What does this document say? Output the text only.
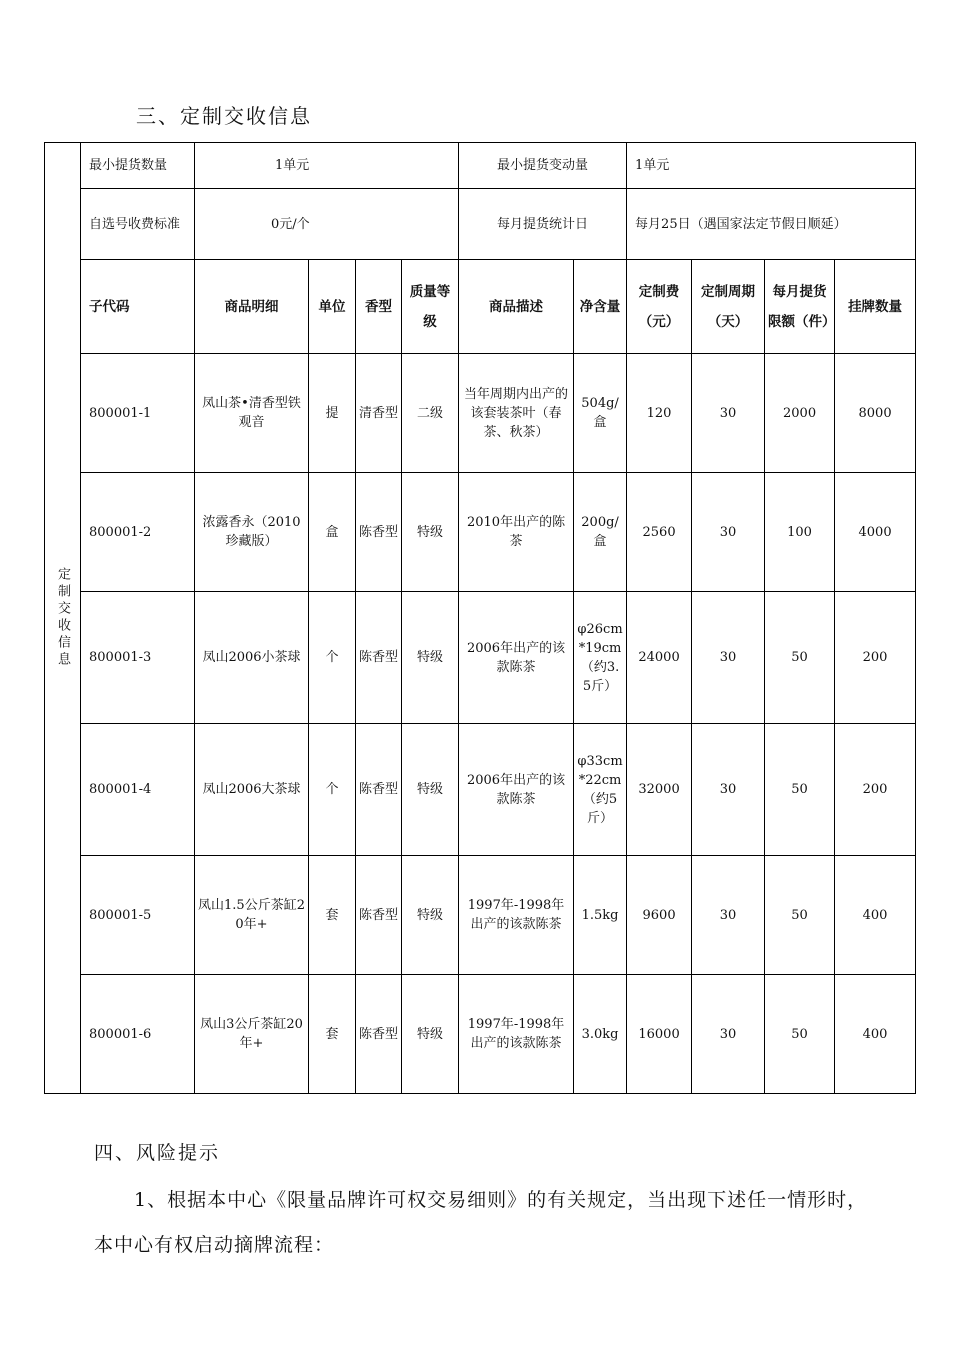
三、定制交收信息
定制交收信息	最小提货数量	1单元				最小提货变动量		1单元			
	自选号收费标准	0元/个				每月提货统计日		每月25日（遇国家法定节假日顺延）			
	子代码	商品明细	单位	香型	质量等级	商品描述	净含量	定制费（元）	定制周期（天）	每月提货限额（件）	挂牌数量
	800001-1	凤山茶•清香型铁观音	提	清香型	二级	当年周期内出产的该套装茶叶（春茶、秋茶）	504g/盒	120	30	2000	8000
	800001-2	浓露香永（2010珍藏版）	盒	陈香型	特级	2010年出产的陈茶	200g/盒	2560	30	100	4000
	800001-3	凤山2006小茶球	个	陈香型	特级	2006年出产的该款陈茶	φ26cm*19cm（约3.5斤）	24000	30	50	200
	800001-4	凤山2006大茶球	个	陈香型	特级	2006年出产的该款陈茶	φ33cm*22cm（约5斤）	32000	30	50	200
	800001-5	凤山1.5公斤茶缸20年+	套	陈香型	特级	1997年-1998年出产的该款陈茶	1.5kg	9600	30	50	400
	800001-6	凤山3公斤茶缸20年+	套	陈香型	特级	1997年-1998年出产的该款陈茶	3.0kg	16000	30	50	400
四、风险提示

1、根据本中心《限量品牌许可权交易细则》的有关规定，当出现下述任一情形时，本中心有权启动摘牌流程：
